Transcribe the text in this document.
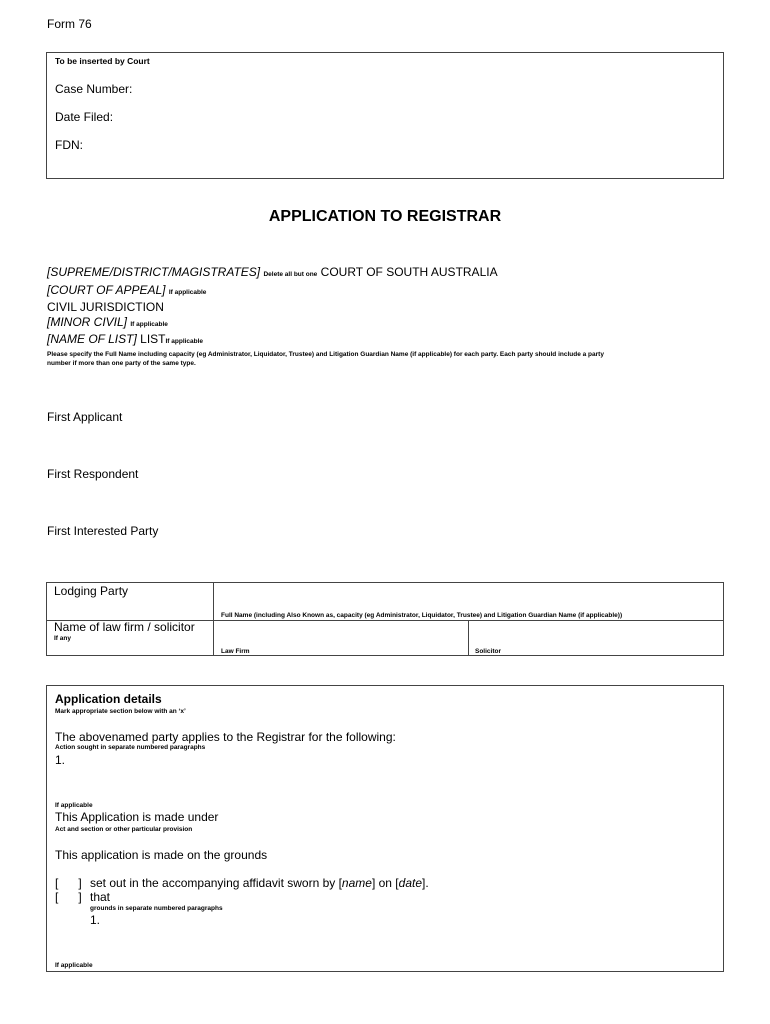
Form 76
To be inserted by Court
Case Number:
Date Filed:
FDN:
APPLICATION TO REGISTRAR
[SUPREME/DISTRICT/MAGISTRATES] Delete all but one COURT OF SOUTH AUSTRALIA
[COURT OF APPEAL] If applicable
CIVIL JURISDICTION
[MINOR CIVIL] If applicable
[NAME OF LIST] LISTIf applicable
Please specify the Full Name including capacity (eg Administrator, Liquidator, Trustee) and Litigation Guardian Name (if applicable) for each party. Each party should include a party
number if more than one party of the same type.
First Applicant
First Respondent
First Interested Party
Lodging Party
Full Name (including Also Known as, capacity (eg Administrator, Liquidator, Trustee) and Litigation Guardian Name (if applicable))
Name of law firm / solicitor
If any
Law Firm	Solicitor
Application details
Mark appropriate section below with an ‘x’
The abovenamed party applies to the Registrar for the following:
Action sought in separate numbered paragraphs
1.
If applicable
This Application is made under
Act and section or other particular provision
This application is made on the grounds
[      ] set out in the accompanying affidavit sworn by [name] on [date].
[      ] that
grounds in separate numbered paragraphs
1.
If applicable
